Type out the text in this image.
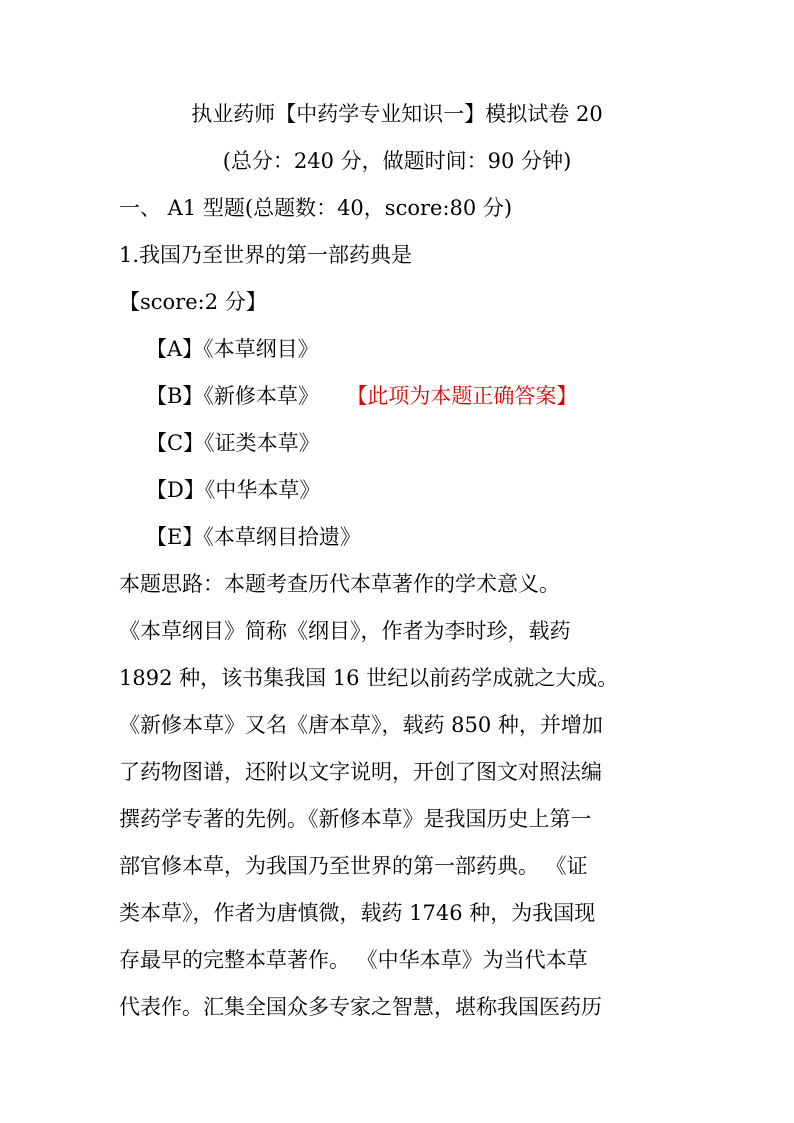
执业药师【中药学专业知识一】模拟试卷 20
(总分：240 分，做题时间：90 分钟)
一、 A1 型题(总题数：40，score:80 分)
1.我国乃至世界的第一部药典是
【score:2 分】
【A】《本草纲目》
【B】《新修本草》 【此项为本题正确答案】
【C】《证类本草》
【D】《中华本草》
【E】《本草纲目拾遗》
本题思路：本题考查历代本草著作的学术意义。
《本草纲目》简称《纲目》，作者为李时珍，载药
1892 种，该书集我国 16 世纪以前药学成就之大成。
《新修本草》又名《唐本草》，载药 850 种，并增加
了药物图谱，还附以文字说明，开创了图文对照法编
撰药学专著的先例。《新修本草》是我国历史上第一
部官修本草，为我国乃至世界的第一部药典。 《证
类本草》，作者为唐慎微，载药 1746 种，为我国现
存最早的完整本草著作。 《中华本草》为当代本草
代表作。汇集全国众多专家之智慧，堪称我国医药历
